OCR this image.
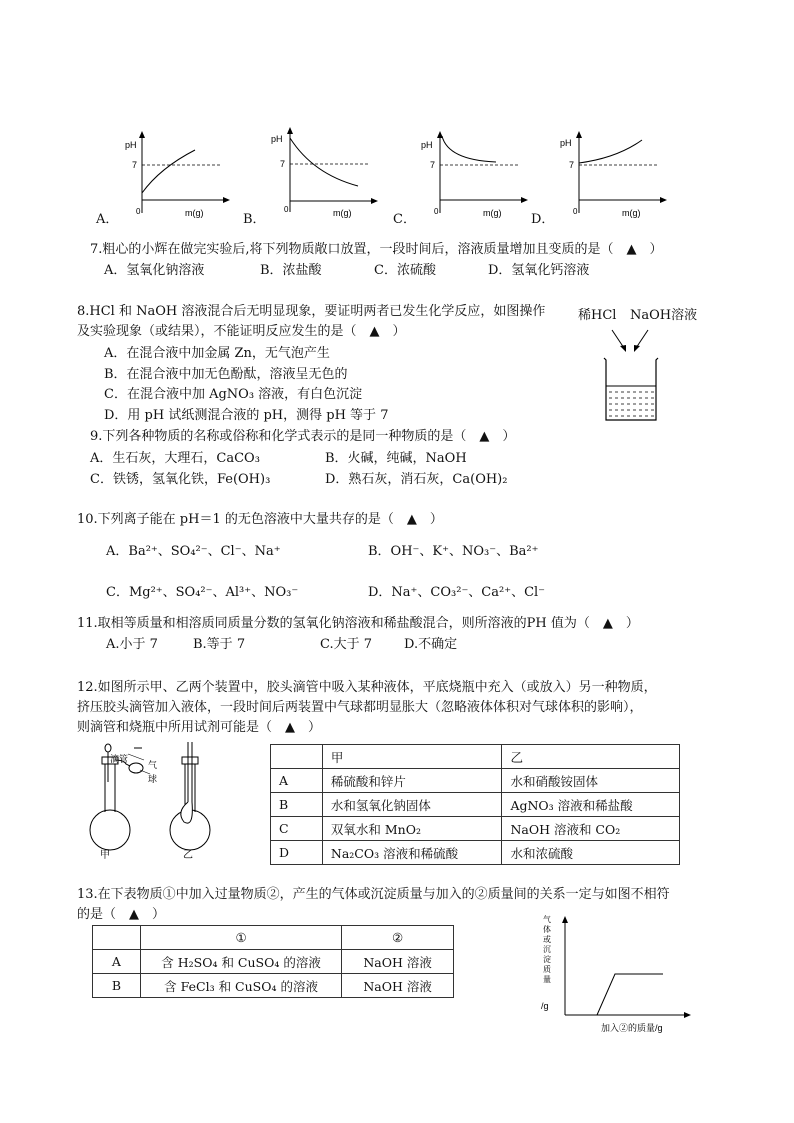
pH
7
0	m(g)
A．
pH
7
0	m(g)
B．
pH
7
0	m(g)
C．
pH
7
0	m(g)
D．
7.粗心的小辉在做完实验后,将下列物质敞口放置，一段时间后，溶液质量增加且变质的是（　▲　）
A．氢氧化钠溶液	B．浓盐酸	C．浓硫酸	D．氢氧化钙溶液
8.HCl 和 NaOH 溶液混合后无明显现象，要证明两者已发生化学反应，如图操作
及实验现象（或结果），不能证明反应发生的是（　▲　）
A．在混合液中加金属 Zn，无气泡产生
B．在混合液中加无色酚酞，溶液呈无色的
C．在混合液中加 AgNO₃ 溶液，有白色沉淀
D．用 pH 试纸测混合液的 pH，测得 pH 等于 7
稀HCl NaOH溶液
9.下列各种物质的名称或俗称和化学式表示的是同一种物质的是（　▲　）
A．生石灰，大理石，CaCO₃	B．火碱，纯碱，NaOH
C．铁锈，氢氧化铁，Fe(OH)₃	D．熟石灰，消石灰，Ca(OH)₂
10.下列离子能在 pH＝1 的无色溶液中大量共存的是（　▲　）
A．Ba²⁺、SO₄²⁻、Cl⁻、Na⁺	B．OH⁻、K⁺、NO₃⁻、Ba²⁺
C．Mg²⁺、SO₄²⁻、Al³⁺、NO₃⁻	D．Na⁺、CO₃²⁻、Ca²⁺、Cl⁻
11.取相等质量和相溶质同质量分数的氢氧化钠溶液和稀盐酸混合，则所溶液的PH 值为（　▲　）
A.小于 7	B.等于 7	C.大于 7 D.不确定
12.如图所示甲、乙两个装置中，胶头滴管中吸入某种液体，平底烧瓶中充入（或放入）另一种物质，
挤压胶头滴管加入液体，一段时间后两装置中气球都明显胀大（忽略液体体积对气球体积的影响），
则滴管和烧瓶中所用试剂可能是（　▲　）
滴管
气
球
甲	乙
	甲	乙
A	稀硫酸和锌片	水和硝酸铵固体
B	水和氢氧化钠固体	AgNO₃ 溶液和稀盐酸
C	双氧水和 MnO₂	NaOH 溶液和 CO₂
D	Na₂CO₃ 溶液和稀硫酸	水和浓硫酸
13.在下表物质①中加入过量物质②，产生的气体或沉淀质量与加入的②质量间的关系一定与如图不相符
的是（　▲　）
	①	②
A	含 H₂SO₄ 和 CuSO₄ 的溶液	NaOH 溶液
B	含 FeCl₃ 和 CuSO₄ 的溶液	NaOH 溶液
气
体
或
沉
淀
质
量
/g
加入②的质量/g
